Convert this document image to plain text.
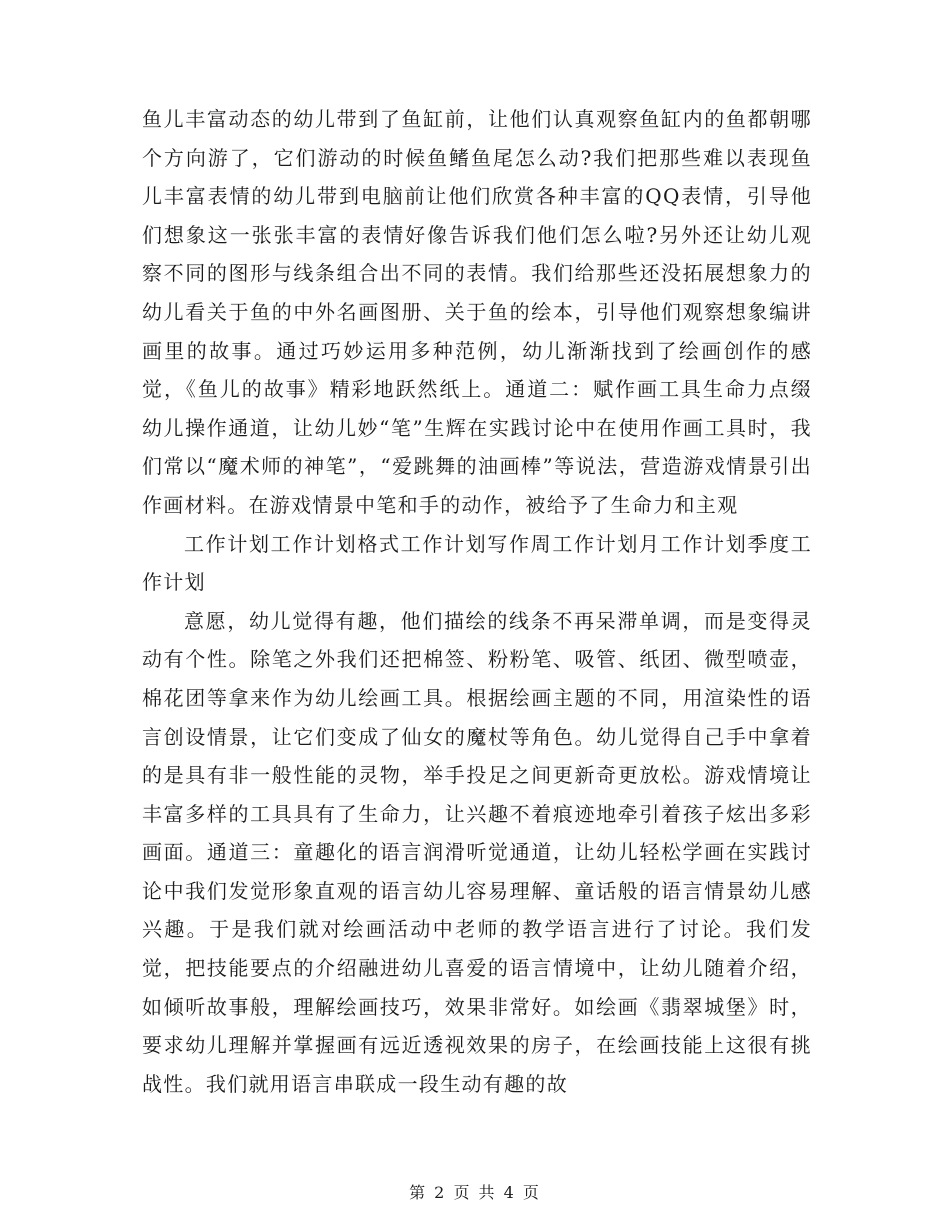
鱼儿丰富动态的幼儿带到了鱼缸前，让他们认真观察鱼缸内的鱼都朝哪个方向游了，它们游动的时候鱼鳍鱼尾怎么动?我们把那些难以表现鱼儿丰富表情的幼儿带到电脑前让他们欣赏各种丰富的QQ表情，引导他们想象这一张张丰富的表情好像告诉我们他们怎么啦?另外还让幼儿观察不同的图形与线条组合出不同的表情。我们给那些还没拓展想象力的幼儿看关于鱼的中外名画图册、关于鱼的绘本，引导他们观察想象编讲画里的故事。通过巧妙运用多种范例，幼儿渐渐找到了绘画创作的感觉，《鱼儿的故事》精彩地跃然纸上。通道二：赋作画工具生命力点缀幼儿操作通道，让幼儿妙“笔”生辉在实践讨论中在使用作画工具时，我们常以“魔术师的神笔”，“爱跳舞的油画棒”等说法，营造游戏情景引出作画材料。在游戏情景中笔和手的动作，被给予了生命力和主观

工作计划工作计划格式工作计划写作周工作计划月工作计划季度工作计划

意愿，幼儿觉得有趣，他们描绘的线条不再呆滞单调，而是变得灵动有个性。除笔之外我们还把棉签、粉粉笔、吸管、纸团、微型喷壶，棉花团等拿来作为幼儿绘画工具。根据绘画主题的不同，用渲染性的语言创设情景，让它们变成了仙女的魔杖等角色。幼儿觉得自己手中拿着的是具有非一般性能的灵物，举手投足之间更新奇更放松。游戏情境让丰富多样的工具具有了生命力，让兴趣不着痕迹地牵引着孩子炫出多彩画面。通道三：童趣化的语言润滑听觉通道，让幼儿轻松学画在实践讨论中我们发觉形象直观的语言幼儿容易理解、童话般的语言情景幼儿感兴趣。于是我们就对绘画活动中老师的教学语言进行了讨论。我们发觉，把技能要点的介绍融进幼儿喜爱的语言情境中，让幼儿随着介绍，如倾听故事般，理解绘画技巧，效果非常好。如绘画《翡翠城堡》时，要求幼儿理解并掌握画有远近透视效果的房子，在绘画技能上这很有挑战性。我们就用语言串联成一段生动有趣的故

第 2 页 共 4 页
